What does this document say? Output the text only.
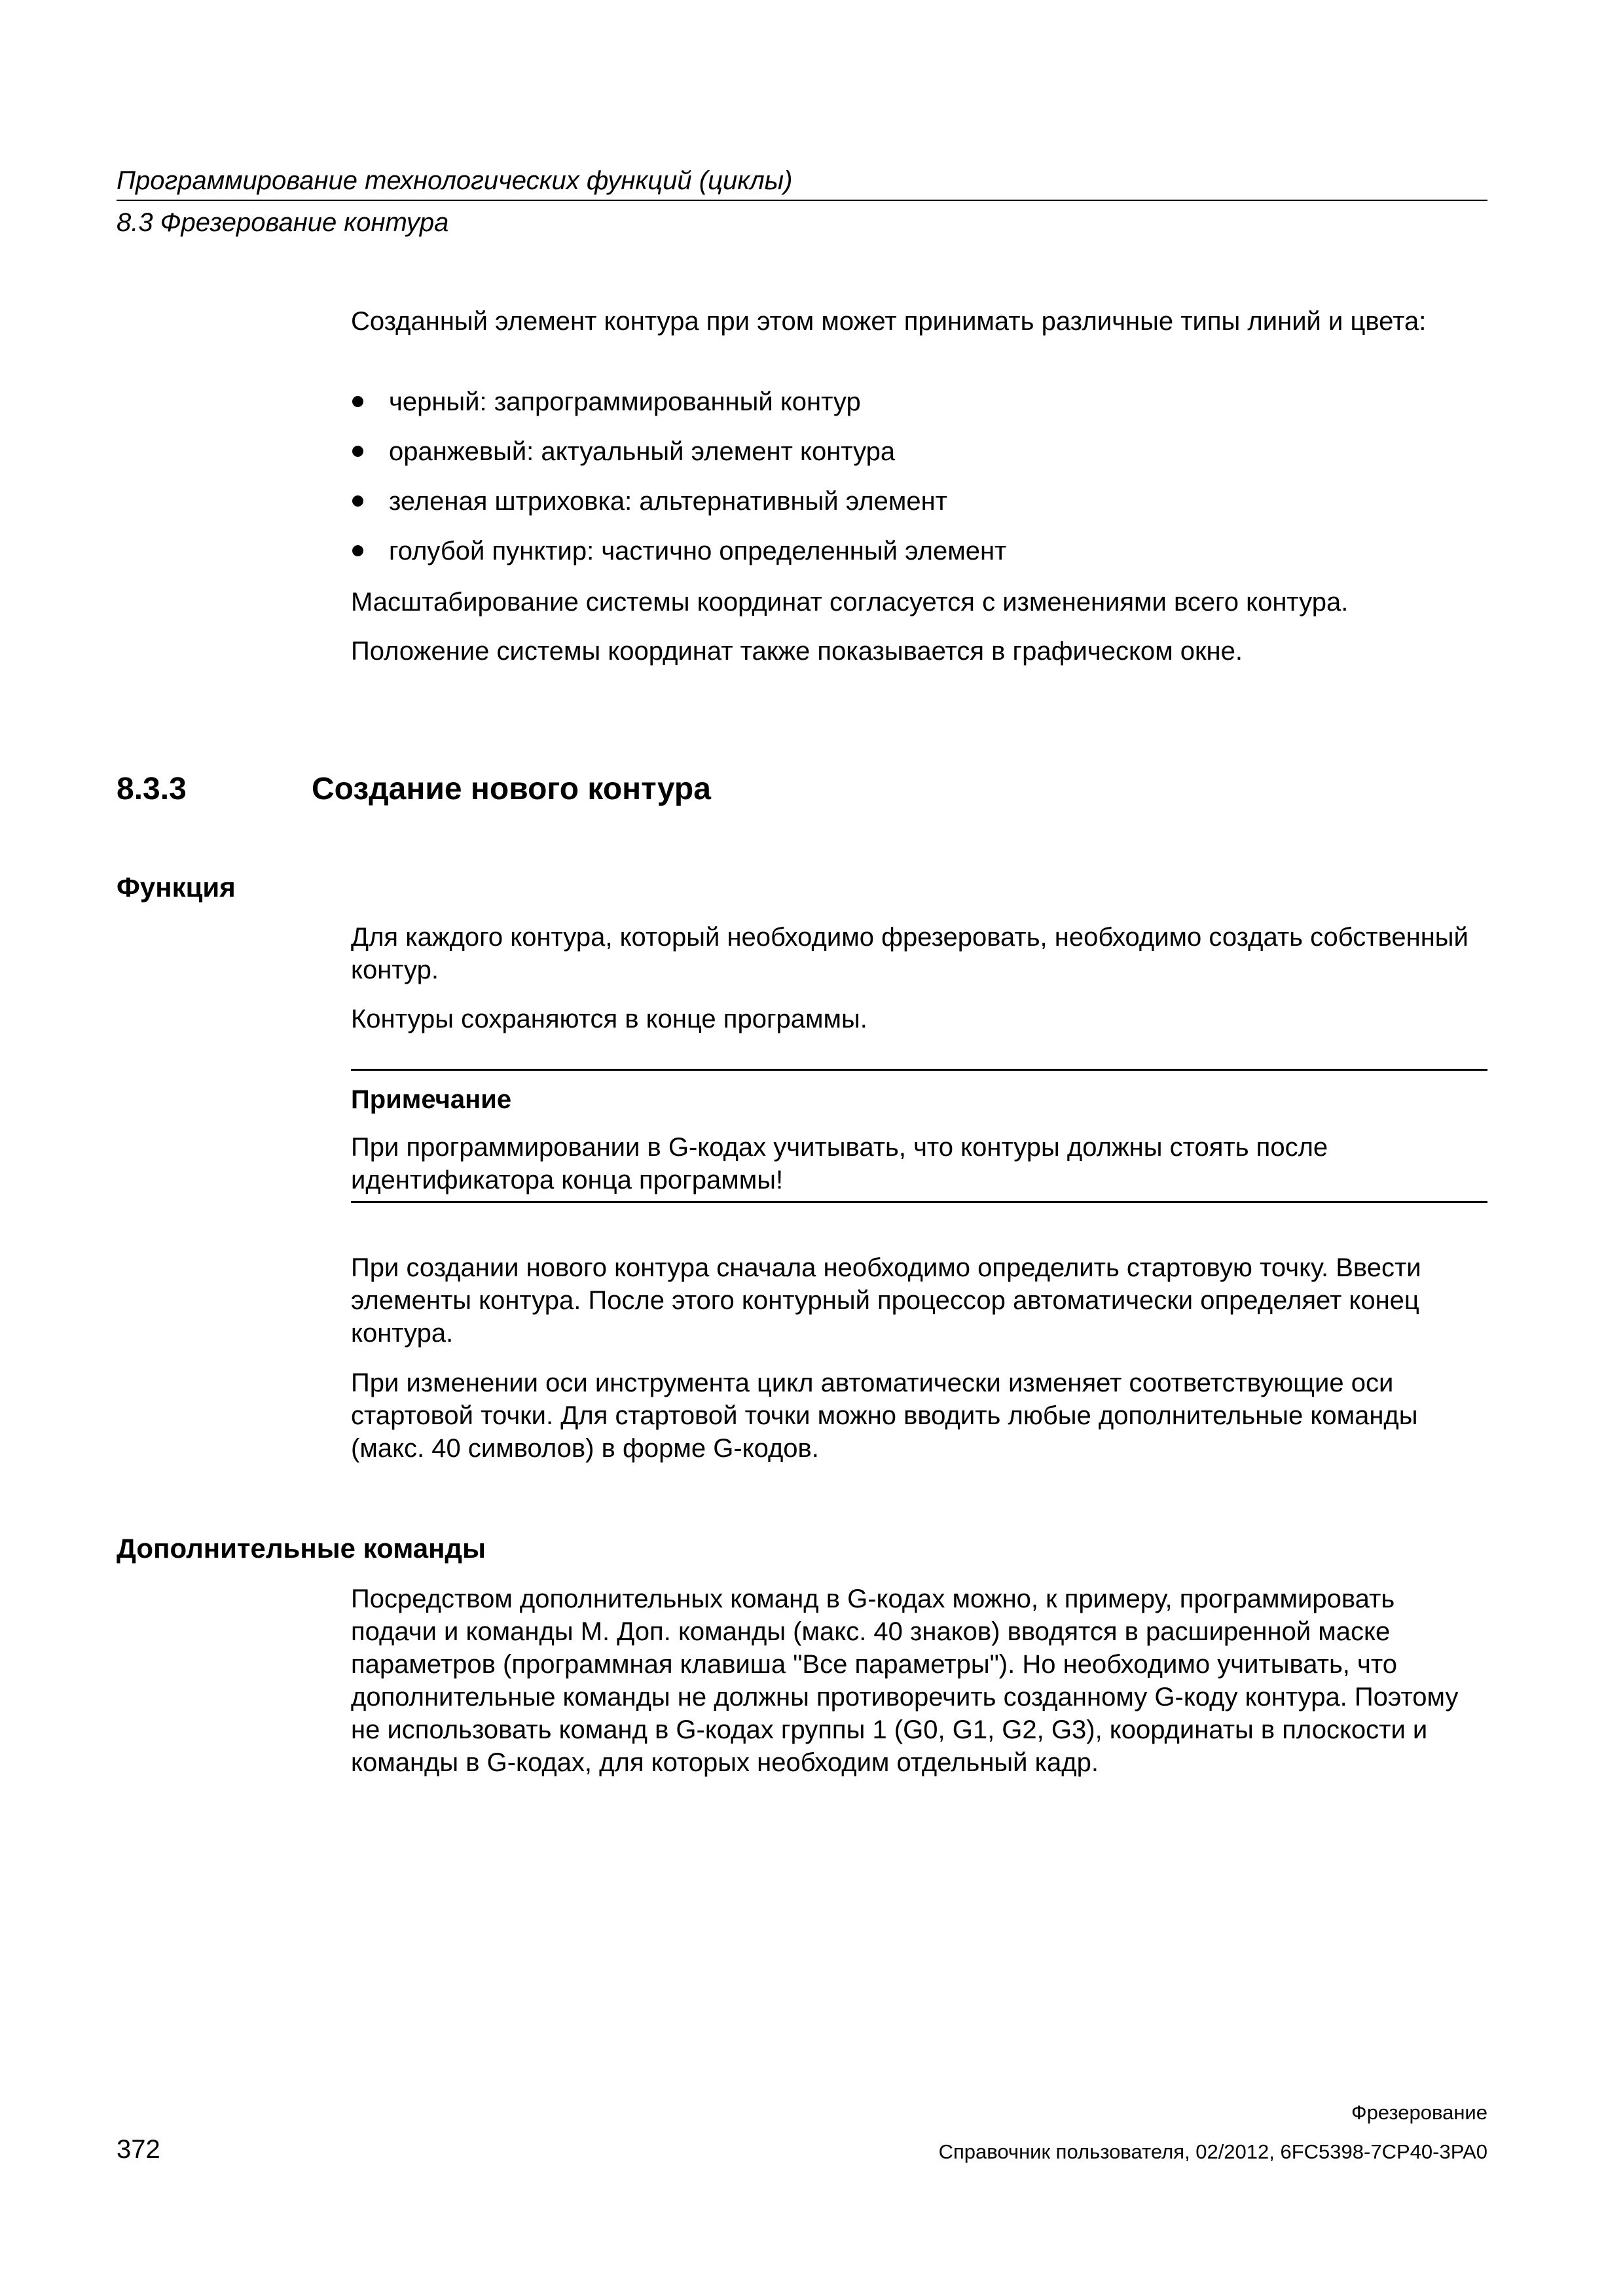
Программирование технологических функций (циклы)
8.3 Фрезерование контура

Созданный элемент контура при этом может принимать различные типы линий и цвета:

черный: запрограммированный контур
оранжевый: актуальный элемент контура
зеленая штриховка: альтернативный элемент
голубой пунктир: частично определенный элемент

Масштабирование системы координат согласуется с изменениями всего контура.

Положение системы координат также показывается в графическом окне.

8.3.3	Создание нового контура
Функция

Для каждого контура, который необходимо фрезеровать, необходимо создать собственный контур.

Контуры сохраняются в конце программы.

Примечание

При программировании в G-кодах учитывать, что контуры должны стоять после идентификатора конца программы!

При создании нового контура сначала необходимо определить стартовую точку. Ввести элементы контура. После этого контурный процессор автоматически определяет конец контура.

При изменении оси инструмента цикл автоматически изменяет соответствующие оси стартовой точки. Для стартовой точки можно вводить любые дополнительные команды (макс. 40 символов) в форме G-кодов.

Дополнительные команды

Посредством дополнительных команд в G-кодах можно, к примеру, программировать подачи и команды M. Доп. команды (макс. 40 знаков) вводятся в расширенной маске параметров (программная клавиша "Все параметры"). Но необходимо учитывать, что дополнительные команды не должны противоречить созданному G-коду контура. Поэтому не использовать команд в G-кодах группы 1 (G0, G1, G2, G3), координаты в плоскости и команды в G-кодах, для которых необходим отдельный кадр.

Фрезерование
372	Справочник пользователя, 02/2012, 6FC5398-7CP40-3PA0
